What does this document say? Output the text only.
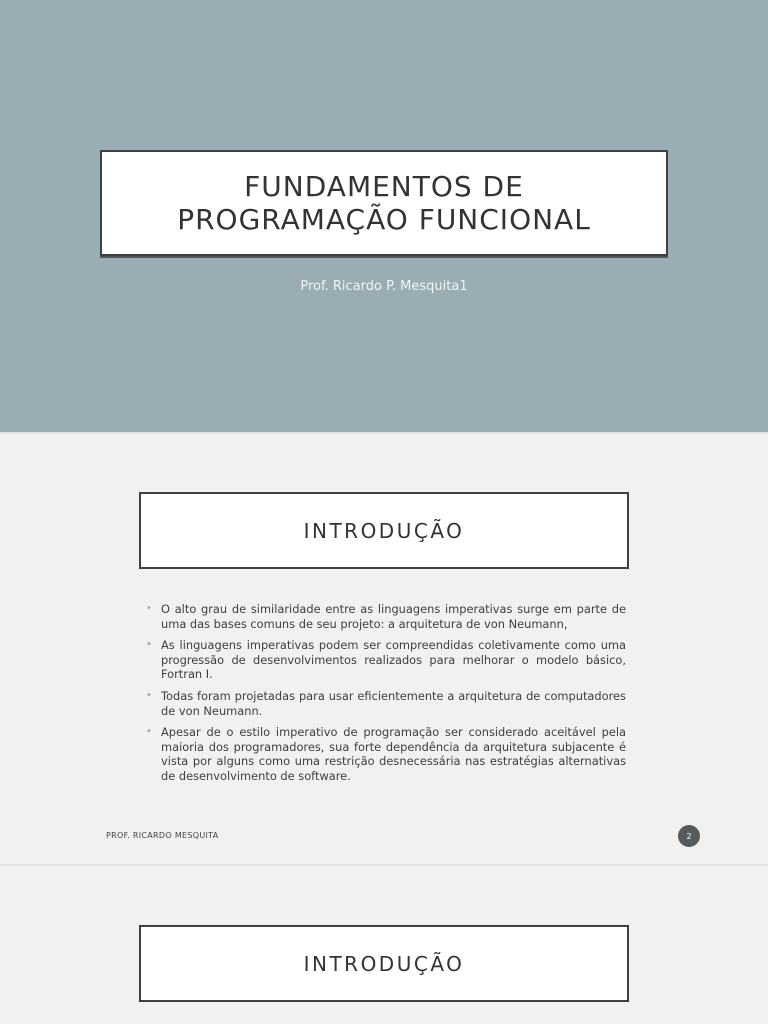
FUNDAMENTOS DE
PROGRAMAÇÃO FUNCIONAL
Prof. Ricardo P. Mesquita1
INTRODUÇÃO
• O alto grau de similaridade entre as linguagens imperativas surge em parte de uma das bases comuns de seu projeto: a arquitetura de von Neumann,
• As linguagens imperativas podem ser compreendidas coletivamente como uma progressão de desenvolvimentos realizados para melhorar o modelo básico, Fortran I.
• Todas foram projetadas para usar eficientemente a arquitetura de computadores de von Neumann.
• Apesar de o estilo imperativo de programação ser considerado aceitável pela maioria dos programadores, sua forte dependência da arquitetura subjacente é vista por alguns como uma restrição desnecessária nas estratégias alternativas de desenvolvimento de software.
PROF. RICARDO MESQUITA	2
INTRODUÇÃO
